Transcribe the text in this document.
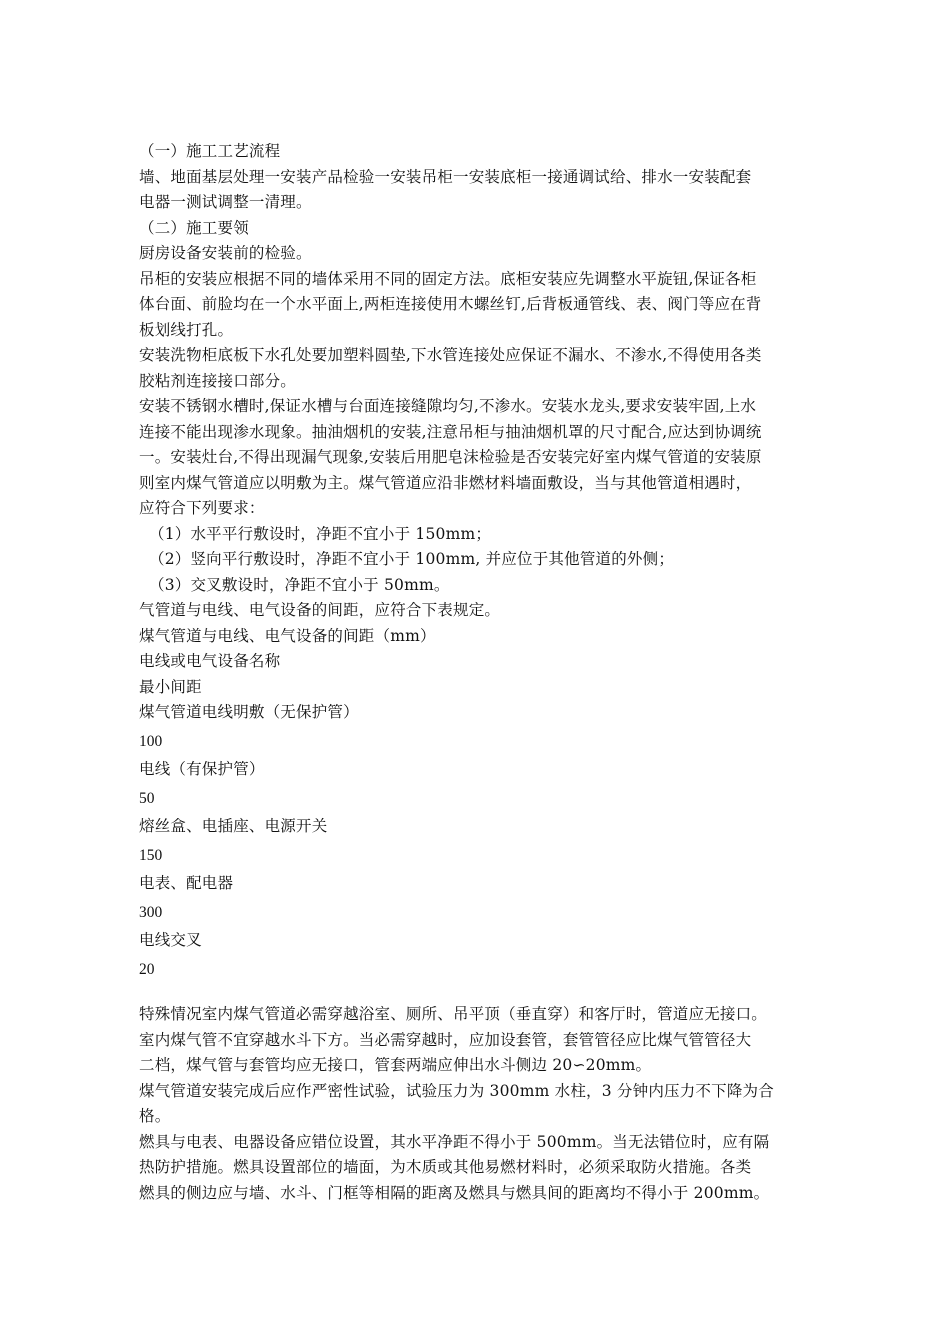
（一）施工工艺流程
墙、地面基层处理一安装产品检验一安装吊柜一安装底柜一接通调试给、排水一安装配套
电器一测试调整一清理。
（二）施工要领
厨房设备安装前的检验。
吊柜的安装应根据不同的墙体采用不同的固定方法。底柜安装应先调整水平旋钮,保证各柜
体台面、前脸均在一个水平面上,两柜连接使用木螺丝钉,后背板通管线、表、阀门等应在背
板划线打孔。
安装洗物柜底板下水孔处要加塑料圆垫,下水管连接处应保证不漏水、不渗水,不得使用各类
胶粘剂连接接口部分。
安装不锈钢水槽时,保证水槽与台面连接缝隙均匀,不渗水。安装水龙头,要求安装牢固,上水
连接不能出现渗水现象。抽油烟机的安装,注意吊柜与抽油烟机罩的尺寸配合,应达到协调统
一。安装灶台,不得出现漏气现象,安装后用肥皂沫检验是否安装完好室内煤气管道的安装原
则室内煤气管道应以明敷为主。煤气管道应沿非燃材料墙面敷设，当与其他管道相遇时，
应符合下列要求：
（1）水平平行敷设时，净距不宜小于 150mm；
（2）竖向平行敷设时，净距不宜小于 100mm, 并应位于其他管道的外侧；
（3）交叉敷设时，净距不宜小于 50mm。
气管道与电线、电气设备的间距，应符合下表规定。
煤气管道与电线、电气设备的间距（mm）
电线或电气设备名称
最小间距
煤气管道电线明敷（无保护管）
100
电线（有保护管）
50
熔丝盒、电插座、电源开关
150
电表、配电器
300
电线交叉
20
特殊情况室内煤气管道必需穿越浴室、厕所、吊平顶（垂直穿）和客厅时，管道应无接口。
室内煤气管不宜穿越水斗下方。当必需穿越时，应加设套管，套管管径应比煤气管管径大
二档，煤气管与套管均应无接口，管套两端应伸出水斗侧边 20∽20mm。
煤气管道安装完成后应作严密性试验，试验压力为 300mm 水柱，3 分钟内压力不下降为合
格。
燃具与电表、电器设备应错位设置，其水平净距不得小于 500mm。当无法错位时，应有隔
热防护措施。燃具设置部位的墙面，为木质或其他易燃材料时，必须采取防火措施。各类
燃具的侧边应与墙、水斗、门框等相隔的距离及燃具与燃具间的距离均不得小于 200mm。
